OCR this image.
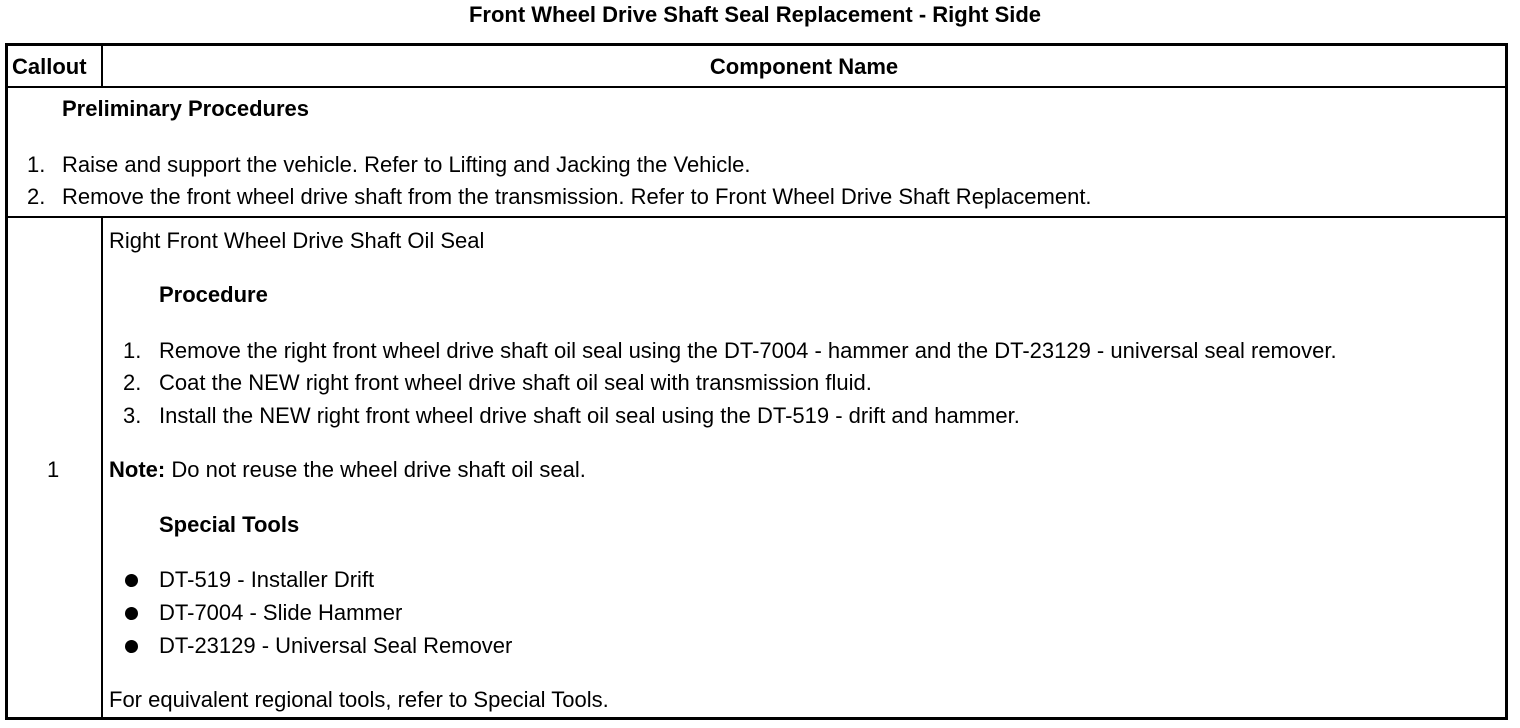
Front Wheel Drive Shaft Seal Replacement - Right Side
Callout	Component Name
Preliminary Procedures
1. Raise and support the vehicle. Refer to Lifting and Jacking the Vehicle.
2. Remove the front wheel drive shaft from the transmission. Refer to Front Wheel Drive Shaft Replacement.
1
Right Front Wheel Drive Shaft Oil Seal
Procedure
1. Remove the right front wheel drive shaft oil seal using the DT-7004 - hammer and the DT-23129 - universal seal remover.
2. Coat the NEW right front wheel drive shaft oil seal with transmission fluid.
3. Install the NEW right front wheel drive shaft oil seal using the DT-519 - drift and hammer.
Note: Do not reuse the wheel drive shaft oil seal.
Special Tools
DT-519 - Installer Drift
DT-7004 - Slide Hammer
DT-23129 - Universal Seal Remover
For equivalent regional tools, refer to Special Tools.
